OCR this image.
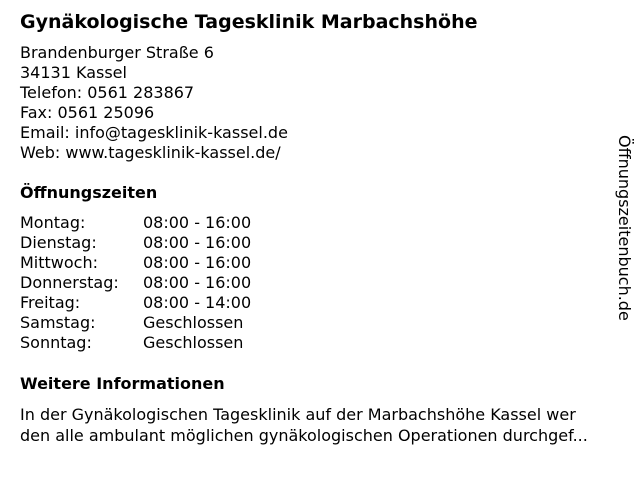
Gynäkologische Tagesklinik Marbachshöhe
Brandenburger Straße 6
34131 Kassel
Telefon: 0561 283867
Fax: 0561 25096
Email: info@tagesklinik-kassel.de
Web: www.tagesklinik-kassel.de/
Öffnungszeiten
Montag:	08:00 - 16:00
Dienstag:	08:00 - 16:00
Mittwoch:	08:00 - 16:00
Donnerstag: 08:00 - 16:00
Freitag:	08:00 - 14:00
Samstag:	Geschlossen
Sonntag:	Geschlossen
Weitere Informationen
In der Gynäkologischen Tagesklinik auf der Marbachshöhe Kassel wer
den alle ambulant möglichen gynäkologischen Operationen durchgef...
Öffnungszeitenbuch.de
